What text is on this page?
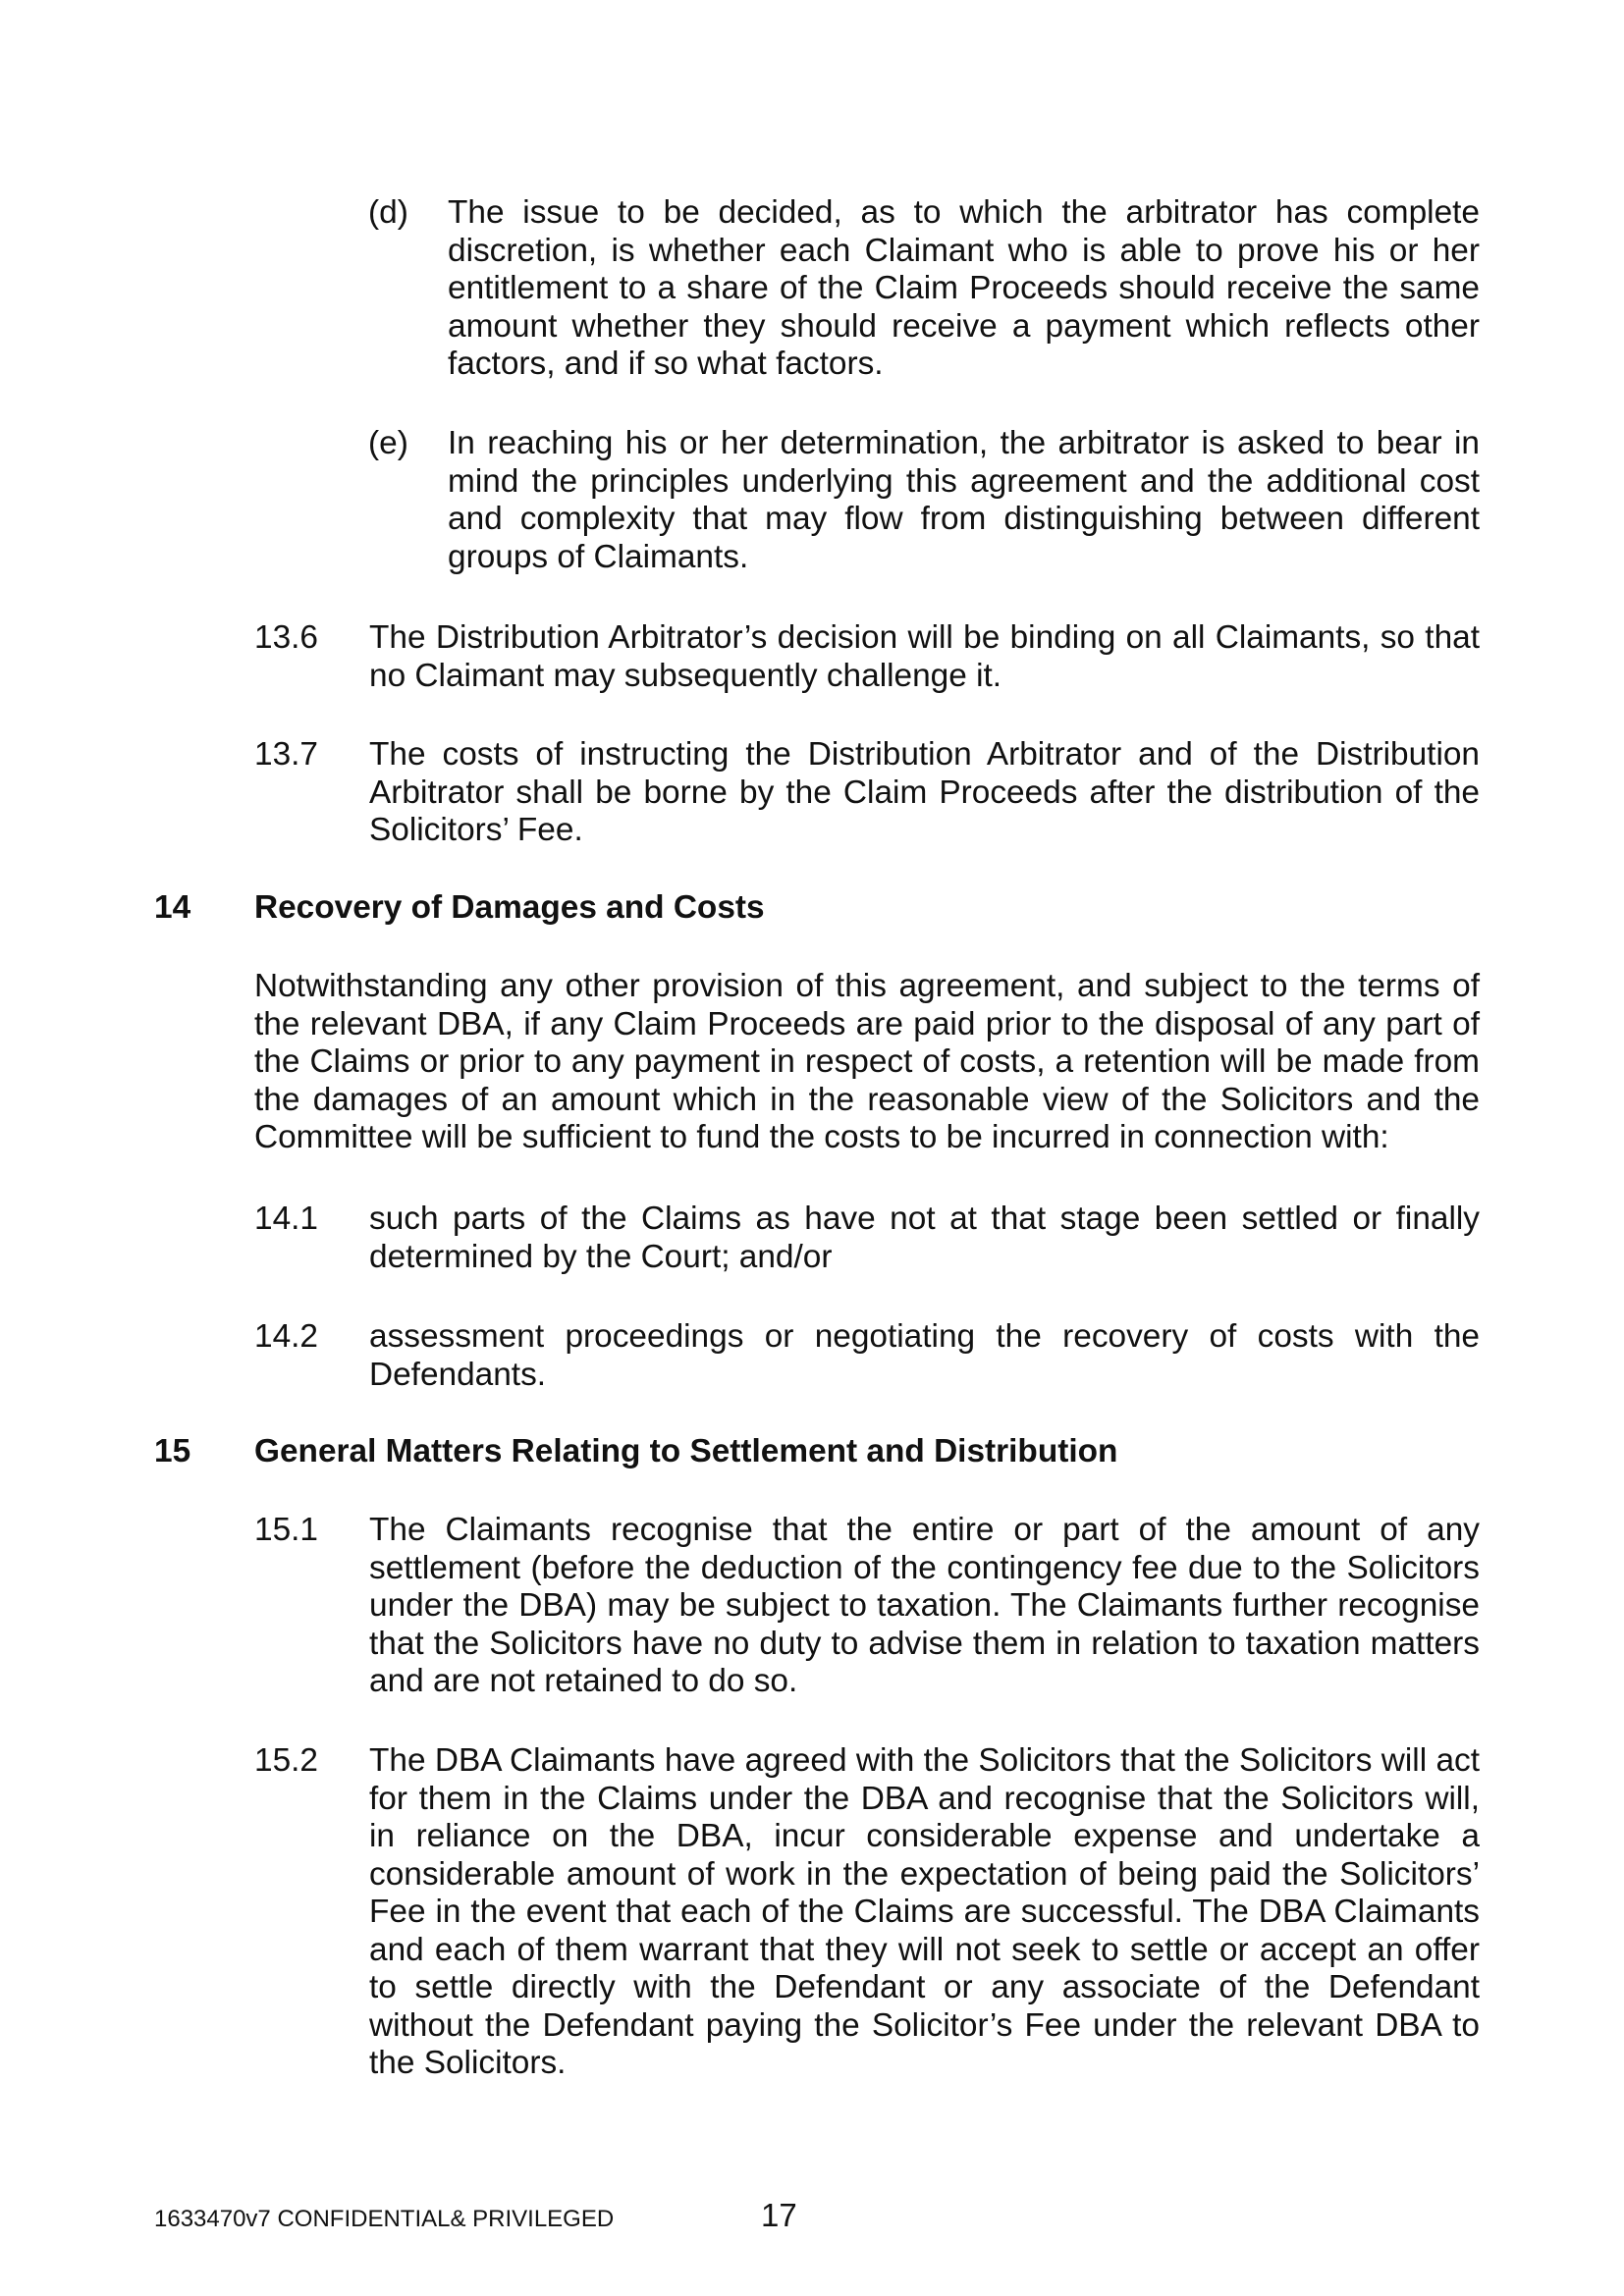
(d) The issue to be decided, as to which the arbitrator has complete discretion, is whether each Claimant who is able to prove his or her entitlement to a share of the Claim Proceeds should receive the same amount whether they should receive a payment which reflects other factors, and if so what factors.

(e) In reaching his or her determination, the arbitrator is asked to bear in mind the principles underlying this agreement and the additional cost and complexity that may flow from distinguishing between different groups of Claimants.

13.6 The Distribution Arbitrator’s decision will be binding on all Claimants, so that no Claimant may subsequently challenge it.

13.7 The costs of instructing the Distribution Arbitrator and of the Distribution Arbitrator shall be borne by the Claim Proceeds after the distribution of the Solicitors’ Fee.

14 Recovery of Damages and Costs

Notwithstanding any other provision of this agreement, and subject to the terms of the relevant DBA, if any Claim Proceeds are paid prior to the disposal of any part of the Claims or prior to any payment in respect of costs, a retention will be made from the damages of an amount which in the reasonable view of the Solicitors and the Committee will be sufficient to fund the costs to be incurred in connection with:

14.1 such parts of the Claims as have not at that stage been settled or finally determined by the Court; and/or

14.2 assessment proceedings or negotiating the recovery of costs with the Defendants.

15 General Matters Relating to Settlement and Distribution
15.1 The Claimants recognise that the entire or part of the amount of any settlement (before the deduction of the contingency fee due to the Solicitors under the DBA) may be subject to taxation. The Claimants further recognise that the Solicitors have no duty to advise them in relation to taxation matters and are not retained to do so.

15.2 The DBA Claimants have agreed with the Solicitors that the Solicitors will act for them in the Claims under the DBA and recognise that the Solicitors will, in reliance on the DBA, incur considerable expense and undertake a considerable amount of work in the expectation of being paid the Solicitors’ Fee in the event that each of the Claims are successful. The DBA Claimants and each of them warrant that they will not seek to settle or accept an offer to settle directly with the Defendant or any associate of the Defendant without the Defendant paying the Solicitor’s Fee under the relevant DBA to the Solicitors.

1633470v7 CONFIDENTIAL& PRIVILEGED	17
